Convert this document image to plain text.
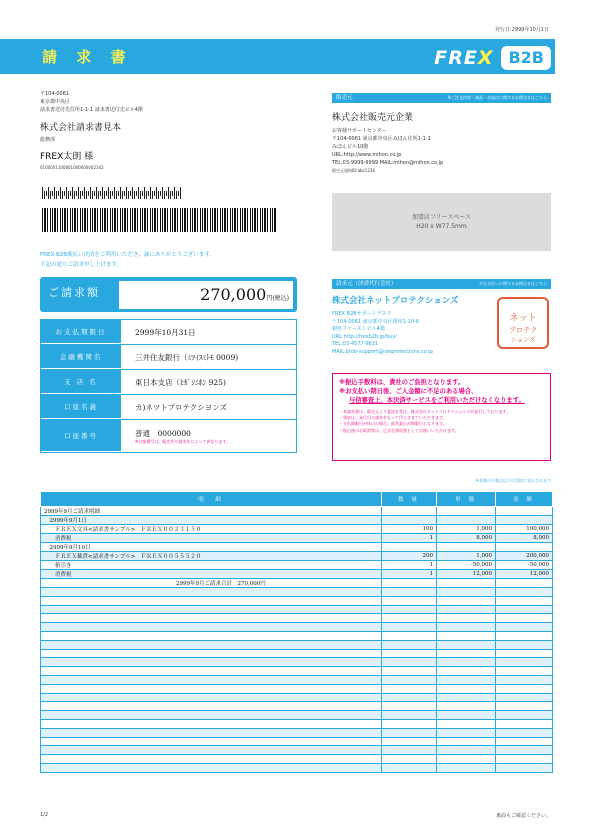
発行日:2999年10月1日
請 求 書	FREX B2B
〒104-0061
東京都中央区
請求書送付先住所1-1-1 請求書送付先ビル4階
株式会社請求書見本
総務部
FREX太朗 様
0100001100801000000002342
FREX B2B後払い決済をご利用いただき、誠にありがとうございます。
下記の通りご請求申し上げます。
販売元	※ご注文内容・商品・お届けに関するお問合せはこちら
株式会社販売元企業
お客様サポートセンター
〒104-0061 東京都中央区みほん住所1-1-1
みほんビル10階
URL:http://www.mihon.co.jp
TEL:03-9999-9999 MAIL:mihon@mihon.co.jp
販売元規格ID:abc1234
加盟店フリースペース
H20 x W77.5mm
ご請求額	270,000円(税込)
お支払期限日	2999年10月31日
金融機関名	三井住友銀行（ﾐﾂｲｽﾐﾄﾓ 0009)
支 店 名	東日本支店（ﾋｶﾞｼﾆﾎﾝ 925)
口座名義	カ)ネツトプロテクシヨンズ
口座番号	普通　0000000
※口座番号は、販売先や請求先によって異なります。
請求元（決済代行会社）	やお支払いに関するお問合せはこちら
株式会社ネットプロテクションズ
FREX B2Bサポートデスク
〒104-0061 東京都中央区銀座1-10-6
銀座ファーストビル4階
URL:http://frexb2b.jp/buy/
TEL:03-4577-9631
MAIL:btob-support@netprotections.co.jp
ネット
プロテク
ションズ
※振込手数料は、貴社のご負担となります。
※お支払い期日後、ご入金額に不足のある場合、
与信審査上、本決済サービスをご利用いただけなくなります。
・本請求書は、販売元より委託を受け、株式会社ネットプロテクションズが発行しております。
・領収は、発行目の請求をもって代えさせていただきます。
・支払期限日が休日の場合、前営業日が期限日となります。
・振込後のお取消等は、正式な領収書としてお使いいただけます。
※金額の小数点以下は切捨て表示されます
明　細	数 量	単 価	金 額
2999年9月ご請求明細			
　2999年9月1日			
　　ＦＲＥＸ文具<請求書サンプル>　ＦＲＥＸ００２３１５０	100	1,000	100,000
　　消費税	1	8,000	8,000
　2999年9月10日			
　　ＦＲＥＸ雑貨<請求書サンプル>　ＦＲＥＸ００５５５２０	200	1,000	200,000
　　値引き	1	-50,000	-50,000
　　消費税	1	12,000	12,000
　　　　　　　　　　　　　　　　　　　　　　　　2999年9月ご請求合計　270,000円			

1/2	裏面もご確認ください。
